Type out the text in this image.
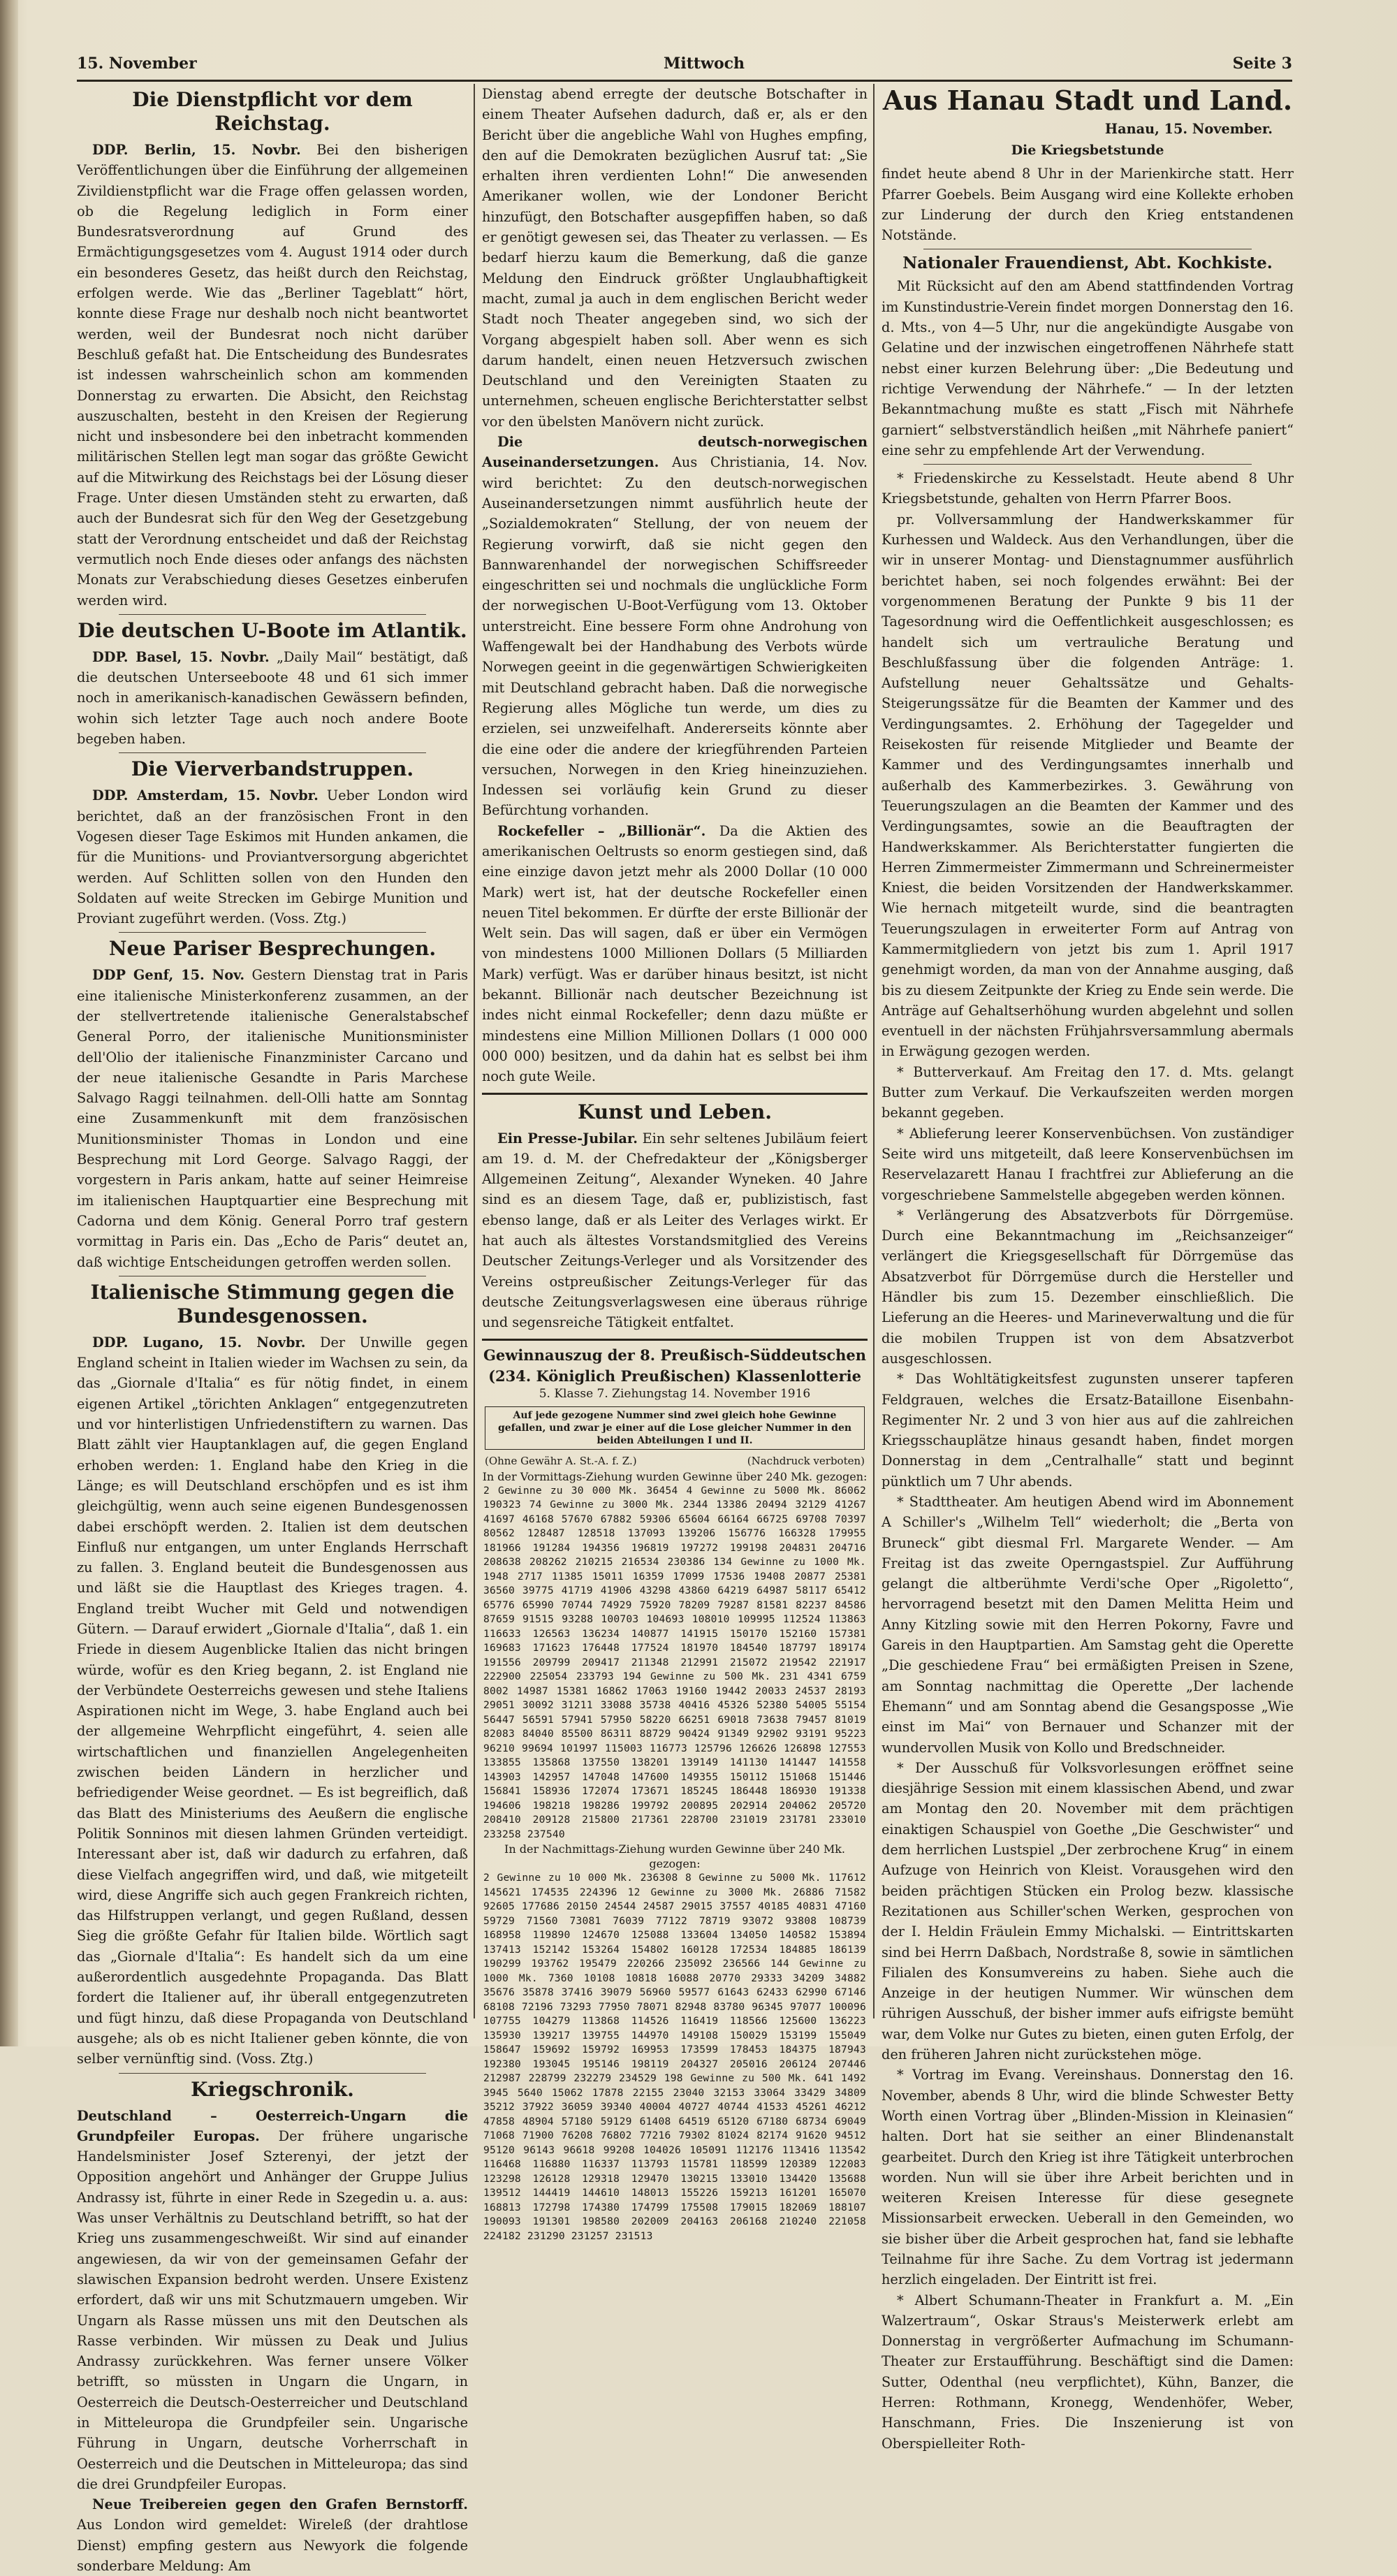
15. November	Mittwoch	Seite 3
Die Dienstpflicht vor dem Reichstag.

DDP. Berlin, 15. Novbr. Bei den bisherigen Veröffentlichungen über die Einführung der allgemeinen Zivildienstpflicht war die Frage offen gelassen worden, ob die Regelung lediglich in Form einer Bundesratsverordnung auf Grund des Ermächtigungsgesetzes vom 4. August 1914 oder durch ein besonderes Gesetz, das heißt durch den Reichstag, erfolgen werde. Wie das „Berliner Tageblatt“ hört, konnte diese Frage nur deshalb noch nicht beantwortet werden, weil der Bundesrat noch nicht darüber Beschluß gefaßt hat. Die Entscheidung des Bundesrates ist indessen wahrscheinlich schon am kommenden Donnerstag zu erwarten. Die Absicht, den Reichstag auszuschalten, besteht in den Kreisen der Regierung nicht und insbesondere bei den inbetracht kommenden militärischen Stellen legt man sogar das größte Gewicht auf die Mitwirkung des Reichstags bei der Lösung dieser Frage. Unter diesen Umständen steht zu erwarten, daß auch der Bundesrat sich für den Weg der Gesetzgebung statt der Verordnung entscheidet und daß der Reichstag vermutlich noch Ende dieses oder anfangs des nächsten Monats zur Verabschiedung dieses Gesetzes einberufen werden wird.

Die deutschen U-Boote im Atlantik.

DDP. Basel, 15. Novbr. „Daily Mail“ bestätigt, daß die deutschen Unterseeboote 48 und 61 sich immer noch in amerikanisch-kanadischen Gewässern befinden, wohin sich letzter Tage auch noch andere Boote begeben haben.

Die Vierverbandstruppen.

DDP. Amsterdam, 15. Novbr. Ueber London wird berichtet, daß an der französischen Front in den Vogesen dieser Tage Eskimos mit Hunden ankamen, die für die Munitions- und Proviantversorgung abgerichtet werden. Auf Schlitten sollen von den Hunden den Soldaten auf weite Strecken im Gebirge Munition und Proviant zugeführt werden. (Voss. Ztg.)

Neue Pariser Besprechungen.

DDP Genf, 15. Nov. Gestern Dienstag trat in Paris eine italienische Ministerkonferenz zusammen, an der der stellvertretende italienische Generalstabschef General Porro, der italienische Munitionsminister dell'Olio der italienische Finanzminister Carcano und der neue italienische Gesandte in Paris Marchese Salvago Raggi teilnahmen. dell-Olli hatte am Sonntag eine Zusammenkunft mit dem französischen Munitionsminister Thomas in London und eine Besprechung mit Lord George. Salvago Raggi, der vorgestern in Paris ankam, hatte auf seiner Heimreise im italienischen Hauptquartier eine Besprechung mit Cadorna und dem König. General Porro traf gestern vormittag in Paris ein. Das „Echo de Paris“ deutet an, daß wichtige Entscheidungen getroffen werden sollen.

Italienische Stimmung gegen die Bundesgenossen.

DDP. Lugano, 15. Novbr. Der Unwille gegen England scheint in Italien wieder im Wachsen zu sein, da das „Giornale d'Italia“ es für nötig findet, in einem eigenen Artikel „törichten Anklagen“ entgegenzutreten und vor hinterlistigen Unfriedenstiftern zu warnen. Das Blatt zählt vier Hauptanklagen auf, die gegen England erhoben werden: 1. England habe den Krieg in die Länge; es will Deutschland erschöpfen und es ist ihm gleichgültig, wenn auch seine eigenen Bundesgenossen dabei erschöpft werden. 2. Italien ist dem deutschen Einfluß nur entgangen, um unter Englands Herrschaft zu fallen. 3. England beuteit die Bundesgenossen aus und läßt sie die Hauptlast des Krieges tragen. 4. England treibt Wucher mit Geld und notwendigen Gütern. — Darauf erwidert „Giornale d'Italia“, daß 1. ein Friede in diesem Augenblicke Italien das nicht bringen würde, wofür es den Krieg begann, 2. ist England nie der Verbündete Oesterreichs gewesen und stehe Italiens Aspirationen nicht im Wege, 3. habe England auch bei der allgemeine Wehrpflicht eingeführt, 4. seien alle wirtschaftlichen und finanziellen Angelegenheiten zwischen beiden Ländern in herzlicher und befriedigender Weise geordnet. — Es ist begreiflich, daß das Blatt des Ministeriums des Aeußern die englische Politik Sonninos mit diesen lahmen Gründen verteidigt. Interessant aber ist, daß wir dadurch zu erfahren, daß diese Vielfach angegriffen wird, und daß, wie mitgeteilt wird, diese Angriffe sich auch gegen Frankreich richten, das Hilfstruppen verlangt, und gegen Rußland, dessen Sieg die größte Gefahr für Italien bilde. Wörtlich sagt das „Giornale d'Italia“: Es handelt sich da um eine außerordentlich ausgedehnte Propaganda. Das Blatt fordert die Italiener auf, ihr überall entgegenzutreten und fügt hinzu, daß diese Propaganda von Deutschland ausgehe; als ob es nicht Italiener geben könnte, die von selber vernünftig sind. (Voss. Ztg.)

Kriegschronik.

Deutschland – Oesterreich-Ungarn die Grundpfeiler Europas. Der frühere ungarische Handelsminister Josef Szterenyi, der jetzt der Opposition angehört und Anhänger der Gruppe Julius Andrassy ist, führte in einer Rede in Szegedin u. a. aus: Was unser Verhältnis zu Deutschland betrifft, so hat der Krieg uns zusammengeschweißt. Wir sind auf einander angewiesen, da wir von der gemeinsamen Gefahr der slawischen Expansion bedroht werden. Unsere Existenz erfordert, daß wir uns mit Schutzmauern umgeben. Wir Ungarn als Rasse müssen uns mit den Deutschen als Rasse verbinden. Wir müssen zu Deak und Julius Andrassy zurückkehren. Was ferner unsere Völker betrifft, so müssten in Ungarn die Ungarn, in Oesterreich die Deutsch-Oesterreicher und Deutschland in Mitteleuropa die Grundpfeiler sein. Ungarische Führung in Ungarn, deutsche Vorherrschaft in Oesterreich und die Deutschen in Mitteleuropa; das sind die drei Grundpfeiler Europas.

Neue Treibereien gegen den Grafen Bernstorff. Aus London wird gemeldet: Wireleß (der drahtlose Dienst) empfing gestern aus Newyork die folgende sonderbare Meldung: Am

Dienstag abend erregte der deutsche Botschafter in einem Theater Aufsehen dadurch, daß er, als er den Bericht über die angebliche Wahl von Hughes empfing, den auf die Demokraten bezüglichen Ausruf tat: „Sie erhalten ihren verdienten Lohn!“ Die anwesenden Amerikaner wollen, wie der Londoner Bericht hinzufügt, den Botschafter ausgepfiffen haben, so daß er genötigt gewesen sei, das Theater zu verlassen. — Es bedarf hierzu kaum die Bemerkung, daß die ganze Meldung den Eindruck größter Unglaubhaftigkeit macht, zumal ja auch in dem englischen Bericht weder Stadt noch Theater angegeben sind, wo sich der Vorgang abgespielt haben soll. Aber wenn es sich darum handelt, einen neuen Hetzversuch zwischen Deutschland und den Vereinigten Staaten zu unternehmen, scheuen englische Berichterstatter selbst vor den übelsten Manövern nicht zurück.

Die deutsch-norwegischen Auseinandersetzungen. Aus Christiania, 14. Nov. wird berichtet: Zu den deutsch-norwegischen Auseinandersetzungen nimmt ausführlich heute der „Sozialdemokraten“ Stellung, der von neuem der Regierung vorwirft, daß sie nicht gegen den Bannwarenhandel der norwegischen Schiffsreeder eingeschritten sei und nochmals die unglückliche Form der norwegischen U-Boot-Verfügung vom 13. Oktober unterstreicht. Eine bessere Form ohne Androhung von Waffengewalt bei der Handhabung des Verbots würde Norwegen geeint in die gegenwärtigen Schwierigkeiten mit Deutschland gebracht haben. Daß die norwegische Regierung alles Mögliche tun werde, um dies zu erzielen, sei unzweifelhaft. Andererseits könnte aber die eine oder die andere der kriegführenden Parteien versuchen, Norwegen in den Krieg hineinzuziehen. Indessen sei vorläufig kein Grund zu dieser Befürchtung vorhanden.

Rockefeller – „Billionär“. Da die Aktien des amerikanischen Oeltrusts so enorm gestiegen sind, daß eine einzige davon jetzt mehr als 2000 Dollar (10 000 Mark) wert ist, hat der deutsche Rockefeller einen neuen Titel bekommen. Er dürfte der erste Billionär der Welt sein. Das will sagen, daß er über ein Vermögen von mindestens 1000 Millionen Dollars (5 Milliarden Mark) verfügt. Was er darüber hinaus besitzt, ist nicht bekannt. Billionär nach deutscher Bezeichnung ist indes nicht einmal Rockefeller; denn dazu müßte er mindestens eine Million Millionen Dollars (1 000 000 000 000) besitzen, und da dahin hat es selbst bei ihm noch gute Weile.

Kunst und Leben.

Ein Presse-Jubilar. Ein sehr seltenes Jubiläum feiert am 19. d. M. der Chefredakteur der „Königsberger Allgemeinen Zeitung“, Alexander Wyneken. 40 Jahre sind es an diesem Tage, daß er, publizistisch, fast ebenso lange, daß er als Leiter des Verlages wirkt. Er hat auch als ältestes Vorstandsmitglied des Vereins Deutscher Zeitungs-Verleger und als Vorsitzender des Vereins ostpreußischer Zeitungs-Verleger für das deutsche Zeitungsverlagswesen eine überaus rührige und segensreiche Tätigkeit entfaltet.

Gewinnauszug der 8. Preußisch-Süddeutschen
(234. Königlich Preußischen) Klassenlotterie
5. Klasse 7. Ziehungstag 14. November 1916
Auf jede gezogene Nummer sind zwei gleich hohe Gewinne gefallen, und zwar je einer auf die Lose gleicher Nummer in den beiden Abteilungen I und II.
(Ohne Gewähr A. St.-A. f. Z.)	(Nachdruck verboten)
In der Vormittags-Ziehung wurden Gewinne über 240 Mk. gezogen:
2 Gewinne zu 30 000 Mk. 36454 4 Gewinne zu 5000 Mk. 86062 190323 74 Gewinne zu 3000 Mk. 2344 13386 20494 32129 41267 41697 46168 57670 67882 59306 65604 66164 66725 69708 70397 80562 128487 128518 137093 139206 156776 166328 179955 181966 191284 194356 196819 197272 199198 204831 204716 208638 208262 210215 216534 230386 134 Gewinne zu 1000 Mk. 1948 2717 11385 15011 16359 17099 17536 19408 20877 25381 36560 39775 41719 41906 43298 43860 64219 64987 58117 65412 65776 65990 70744 74929 75920 78209 79287 81581 82237 84586 87659 91515 93288 100703 104693 108010 109995 112524 113863 116633 126563 136234 140877 141915 150170 152160 157381 169683 171623 176448 177524 181970 184540 187797 189174 191556 209799 209417 211348 212991 215072 219542 221917 222900 225054 233793 194 Gewinne zu 500 Mk. 231 4341 6759 8002 14987 15381 16862 17063 19160 19442 20033 24537 28193 29051 30092 31211 33088 35738 40416 45326 52380 54005 55154 56447 56591 57941 57950 58220 66251 69018 73638 79457 81019 82083 84040 85500 86311 88729 90424 91349 92902 93191 95223 96210 99694 101997 115003 116773 125796 126626 126898 127553 133855 135868 137550 138201 139149 141130 141447 141558 143903 142957 147048 147600 149355 150112 151068 151446 156841 158936 172074 173671 185245 186448 186930 191338 194606 198218 198286 199792 200895 202914 204062 205720 208410 209128 215800 217361 228700 231019 231781 233010 233258 237540
In der Nachmittags-Ziehung wurden Gewinne über 240 Mk. gezogen:
2 Gewinne zu 10 000 Mk. 236308 8 Gewinne zu 5000 Mk. 117612 145621 174535 224396 12 Gewinne zu 3000 Mk. 26886 71582 92605 177686 20150 24544 24587 29015 37557 40185 40831 47160 59729 71560 73081 76039 77122 78719 93072 93808 108739 168958 119890 124670 125088 133604 134050 140582 153894 137413 152142 153264 154802 160128 172534 184885 186139 190299 193762 195479 220266 235092 236566 144 Gewinne zu 1000 Mk. 7360 10108 10818 16088 20770 29333 34209 34882 35676 35878 37416 39079 56960 59577 61643 62433 62990 67146 68108 72196 73293 77950 78071 82948 83780 96345 97077 100096 107755 104279 113868 114526 116419 118566 125600 136223 135930 139217 139755 144970 149108 150029 153199 155049 158647 159692 159792 169953 173599 178453 184375 187943 192380 193045 195146 198119 204327 205016 206124 207446 212987 228799 232279 234529 198 Gewinne zu 500 Mk. 641 1492 3945 5640 15062 17878 22155 23040 32153 33064 33429 34809 35212 37922 36059 39340 40004 40727 40744 41533 45261 46212 47858 48904 57180 59129 61408 64519 65120 67180 68734 69049 71068 71900 76208 76802 77216 79302 81024 82174 91620 94512 95120 96143 96618 99208 104026 105091 112176 113416 113542 116468 116880 116337 113793 115781 118599 120389 122083 123298 126128 129318 129470 130215 133010 134420 135688 139512 144419 144610 148013 155226 159213 161201 165070 168813 172798 174380 174799 175508 179015 182069 188107 190093 191301 198580 202009 204163 206168 210240 221058 224182 231290 231257 231513
Aus Hanau Stadt und Land.
Hanau, 15. November.
Die Kriegsbetstunde

findet heute abend 8 Uhr in der Marienkirche statt. Herr Pfarrer Goebels. Beim Ausgang wird eine Kollekte erhoben zur Linderung der durch den Krieg entstandenen Notstände.

Nationaler Frauendienst, Abt. Kochkiste.

Mit Rücksicht auf den am Abend stattfindenden Vortrag im Kunstindustrie-Verein findet morgen Donnerstag den 16. d. Mts., von 4—5 Uhr, nur die angekündigte Ausgabe von Gelatine und der inzwischen eingetroffenen Nährhefe statt nebst einer kurzen Belehrung über: „Die Bedeutung und richtige Verwendung der Nährhefe.“ — In der letzten Bekanntmachung mußte es statt „Fisch mit Nährhefe garniert“ selbstverständlich heißen „mit Nährhefe paniert“ eine sehr zu empfehlende Art der Verwendung.

* Friedenskirche zu Kesselstadt. Heute abend 8 Uhr Kriegsbetstunde, gehalten von Herrn Pfarrer Boos.

pr. Vollversammlung der Handwerkskammer für Kurhessen und Waldeck. Aus den Verhandlungen, über die wir in unserer Montag- und Dienstagnummer ausführlich berichtet haben, sei noch folgendes erwähnt: Bei der vorgenommenen Beratung der Punkte 9 bis 11 der Tagesordnung wird die Oeffentlichkeit ausgeschlossen; es handelt sich um vertrauliche Beratung und Beschlußfassung über die folgenden Anträge: 1. Aufstellung neuer Gehaltssätze und Gehalts-Steigerungssätze für die Beamten der Kammer und des Verdingungsamtes. 2. Erhöhung der Tagegelder und Reisekosten für reisende Mitglieder und Beamte der Kammer und des Verdingungsamtes innerhalb und außerhalb des Kammerbezirkes. 3. Gewährung von Teuerungszulagen an die Beamten der Kammer und des Verdingungsamtes, sowie an die Beauftragten der Handwerkskammer. Als Berichterstatter fungierten die Herren Zimmermeister Zimmermann und Schreinermeister Kniest, die beiden Vorsitzenden der Handwerkskammer. Wie hernach mitgeteilt wurde, sind die beantragten Teuerungszulagen in erweiterter Form auf Antrag von Kammermitgliedern von jetzt bis zum 1. April 1917 genehmigt worden, da man von der Annahme ausging, daß bis zu diesem Zeitpunkte der Krieg zu Ende sein werde. Die Anträge auf Gehaltserhöhung wurden abgelehnt und sollen eventuell in der nächsten Frühjahrsversammlung abermals in Erwägung gezogen werden.

* Butterverkauf. Am Freitag den 17. d. Mts. gelangt Butter zum Verkauf. Die Verkaufszeiten werden morgen bekannt gegeben.

* Ablieferung leerer Konservenbüchsen. Von zuständiger Seite wird uns mitgeteilt, daß leere Konservenbüchsen im Reservelazarett Hanau I frachtfrei zur Ablieferung an die vorgeschriebene Sammelstelle abgegeben werden können.

* Verlängerung des Absatzverbots für Dörrgemüse. Durch eine Bekanntmachung im „Reichsanzeiger“ verlängert die Kriegsgesellschaft für Dörrgemüse das Absatzverbot für Dörrgemüse durch die Hersteller und Händler bis zum 15. Dezember einschließlich. Die Lieferung an die Heeres- und Marineverwaltung und die für die mobilen Truppen ist von dem Absatzverbot ausgeschlossen.

* Das Wohltätigkeitsfest zugunsten unserer tapferen Feldgrauen, welches die Ersatz-Bataillone Eisenbahn-Regimenter Nr. 2 und 3 von hier aus auf die zahlreichen Kriegsschauplätze hinaus gesandt haben, findet morgen Donnerstag in dem „Centralhalle“ statt und beginnt pünktlich um 7 Uhr abends.

* Stadttheater. Am heutigen Abend wird im Abonnement A Schiller's „Wilhelm Tell“ wiederholt; die „Berta von Bruneck“ gibt diesmal Frl. Margarete Wender. — Am Freitag ist das zweite Operngastspiel. Zur Aufführung gelangt die altberühmte Verdi'sche Oper „Rigoletto“, hervorragend besetzt mit den Damen Melitta Heim und Anny Kitzling sowie mit den Herren Pokorny, Favre und Gareis in den Hauptpartien. Am Samstag geht die Operette „Die geschiedene Frau“ bei ermäßigten Preisen in Szene, am Sonntag nachmittag die Operette „Der lachende Ehemann“ und am Sonntag abend die Gesangsposse „Wie einst im Mai“ von Bernauer und Schanzer mit der wundervollen Musik von Kollo und Bredschneider.

* Der Ausschuß für Volksvorlesungen eröffnet seine diesjährige Session mit einem klassischen Abend, und zwar am Montag den 20. November mit dem prächtigen einaktigen Schauspiel von Goethe „Die Geschwister“ und dem herrlichen Lustspiel „Der zerbrochene Krug“ in einem Aufzuge von Heinrich von Kleist. Vorausgehen wird den beiden prächtigen Stücken ein Prolog bezw. klassische Rezitationen aus Schiller'schen Werken, gesprochen von der I. Heldin Fräulein Emmy Michalski. — Eintrittskarten sind bei Herrn Daßbach, Nordstraße 8, sowie in sämtlichen Filialen des Konsumvereins zu haben. Siehe auch die Anzeige in der heutigen Nummer. Wir wünschen dem rührigen Ausschuß, der bisher immer aufs eifrigste bemüht war, dem Volke nur Gutes zu bieten, einen guten Erfolg, der den früheren Jahren nicht zurückstehen möge.

* Vortrag im Evang. Vereinshaus. Donnerstag den 16. November, abends 8 Uhr, wird die blinde Schwester Betty Worth einen Vortrag über „Blinden-Mission in Kleinasien“ halten. Dort hat sie seither an einer Blindenanstalt gearbeitet. Durch den Krieg ist ihre Tätigkeit unterbrochen worden. Nun will sie über ihre Arbeit berichten und in weiteren Kreisen Interesse für diese gesegnete Missionsarbeit erwecken. Ueberall in den Gemeinden, wo sie bisher über die Arbeit gesprochen hat, fand sie lebhafte Teilnahme für ihre Sache. Zu dem Vortrag ist jedermann herzlich eingeladen. Der Eintritt ist frei.

* Albert Schumann-Theater in Frankfurt a. M. „Ein Walzertraum“, Oskar Straus's Meisterwerk erlebt am Donnerstag in vergrößerter Aufmachung im Schumann-Theater zur Erstaufführung. Beschäftigt sind die Damen: Sutter, Odenthal (neu verpflichtet), Kühn, Banzer, die Herren: Rothmann, Kronegg, Wendenhöfer, Weber, Hanschmann, Fries. Die Inszenierung ist von Oberspielleiter Roth-
